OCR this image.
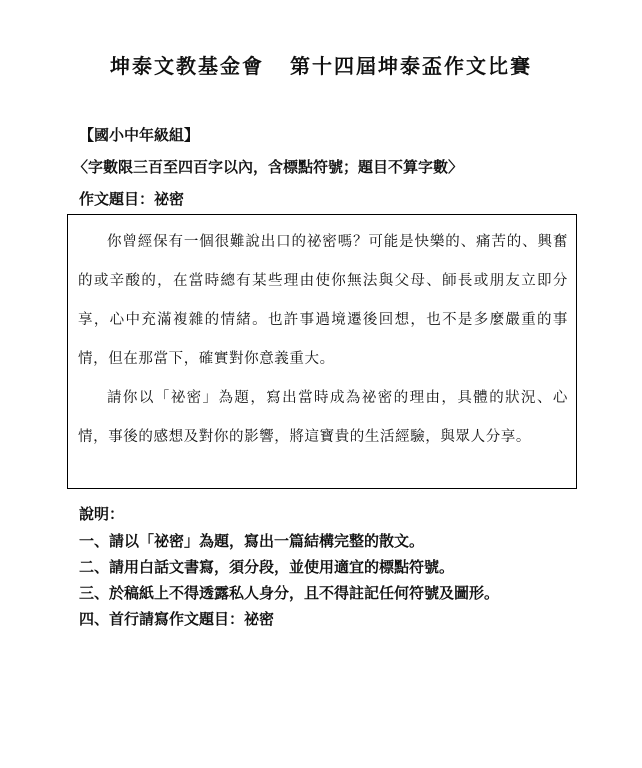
坤泰文教基金會 第十四屆坤泰盃作文比賽

【國小中年級組】

〈字數限三百至四百字以內，含標點符號；題目不算字數〉

作文題目：祕密

你曾經保有一個很難說出口的祕密嗎？可能是快樂的、痛苦的、興奮的或辛酸的，在當時總有某些理由使你無法與父母、師長或朋友立即分享，心中充滿複雜的情緒。也許事過境遷後回想，也不是多麼嚴重的事情，但在那當下，確實對你意義重大。

請你以「祕密」為題，寫出當時成為祕密的理由，具體的狀況、心情，事後的感想及對你的影響，將這寶貴的生活經驗，與眾人分享。

說明：

一、請以「祕密」為題，寫出一篇結構完整的散文。
二、請用白話文書寫，須分段，並使用適宜的標點符號。
三、於稿紙上不得透露私人身分，且不得註記任何符號及圖形。
四、首行請寫作文題目：祕密
